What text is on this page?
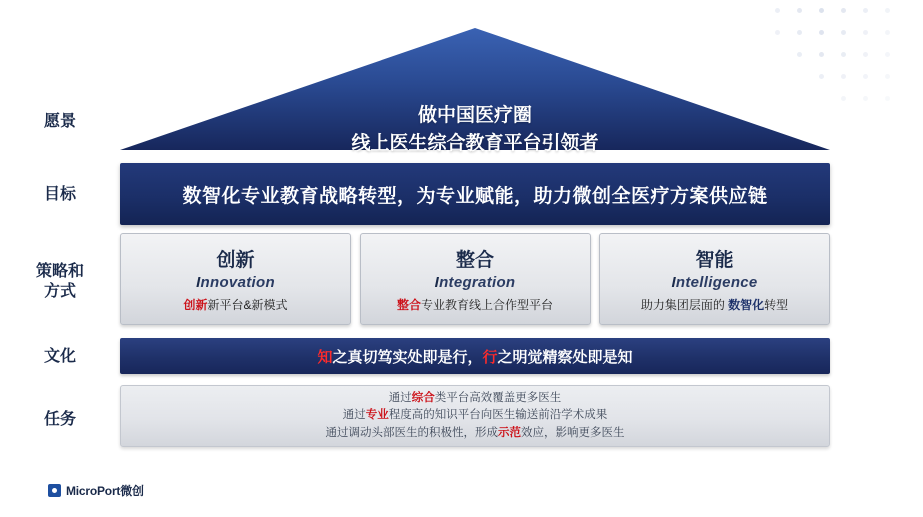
愿景
目标
策略和
方式
文化
任务
做中国医疗圈
线上医生综合教育平台引领者
数智化专业教育战略转型，为专业赋能，助力微创全医疗方案供应链
创新
Innovation
创新新平台&新模式
整合
Integration
整合专业教育线上合作型平台
智能
Intelligence
助力集团层面的 数智化转型
知之真切笃实处即是行，行之明觉精察处即是知
通过综合类平台高效覆盖更多医生
通过专业程度高的知识平台向医生输送前沿学术成果
通过调动头部医生的积极性，形成示范效应，影响更多医生
MicroPort微创
